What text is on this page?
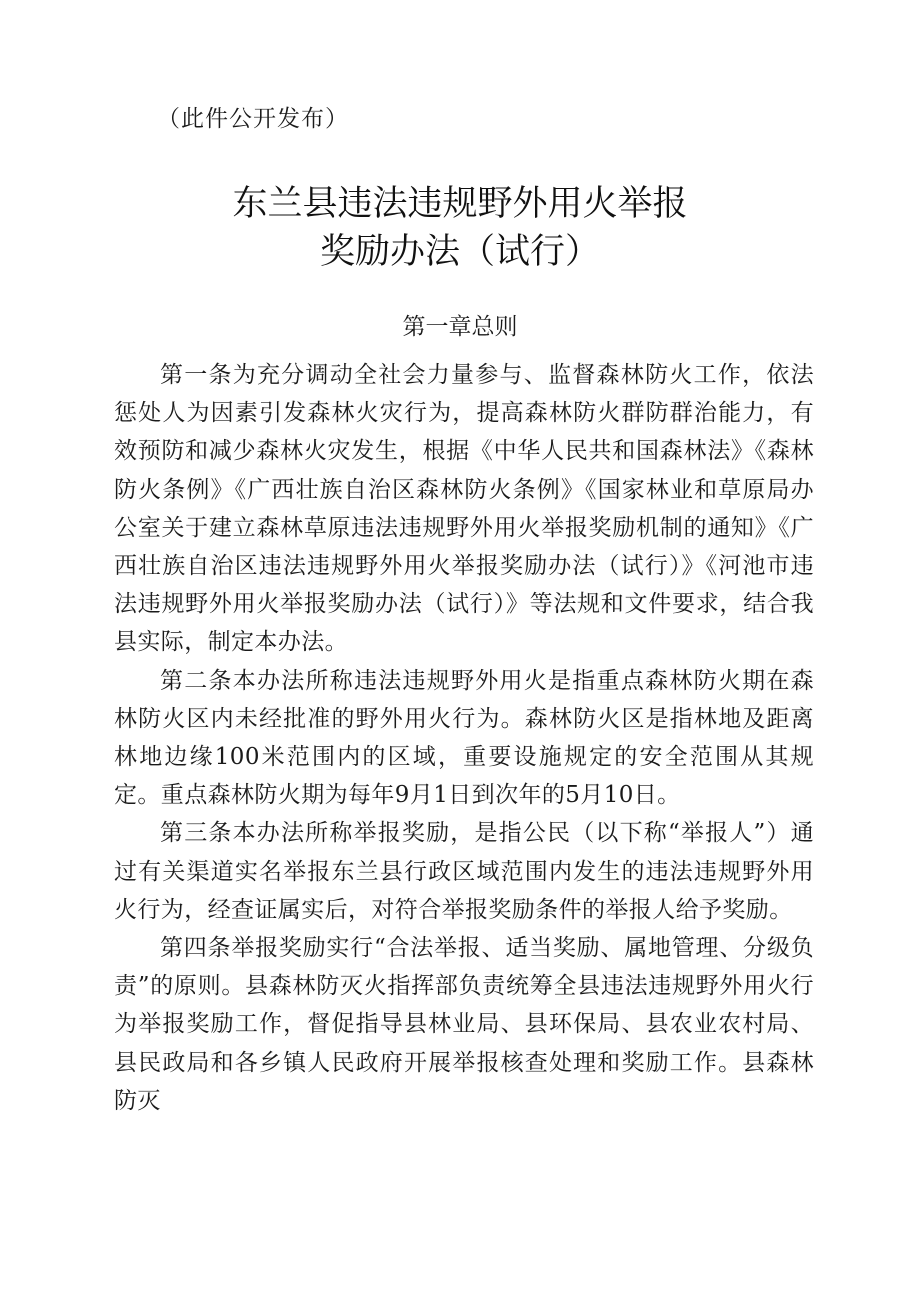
（此件公开发布）
东兰县违法违规野外用火举报
奖励办法（试行）
第一章总则

第一条为充分调动全社会力量参与、监督森林防火工作，依法惩处人为因素引发森林火灾行为，提高森林防火群防群治能力，有效预防和减少森林火灾发生，根据《中华人民共和国森林法》《森林防火条例》《广西壮族自治区森林防火条例》《国家林业和草原局办公室关于建立森林草原违法违规野外用火举报奖励机制的通知》《广西壮族自治区违法违规野外用火举报奖励办法（试行）》《河池市违法违规野外用火举报奖励办法（试行）》等法规和文件要求，结合我县实际，制定本办法。

第二条本办法所称违法违规野外用火是指重点森林防火期在森林防火区内未经批准的野外用火行为。森林防火区是指林地及距离林地边缘100米范围内的区域，重要设施规定的安全范围从其规定。重点森林防火期为每年9月1日到次年的5月10日。

第三条本办法所称举报奖励，是指公民（以下称“举报人”）通过有关渠道实名举报东兰县行政区域范围内发生的违法违规野外用火行为，经查证属实后，对符合举报奖励条件的举报人给予奖励。

第四条举报奖励实行“合法举报、适当奖励、属地管理、分级负责”的原则。县森林防灭火指挥部负责统筹全县违法违规野外用火行为举报奖励工作，督促指导县林业局、县环保局、县农业农村局、县民政局和各乡镇人民政府开展举报核查处理和奖励工作。县森林防灭
